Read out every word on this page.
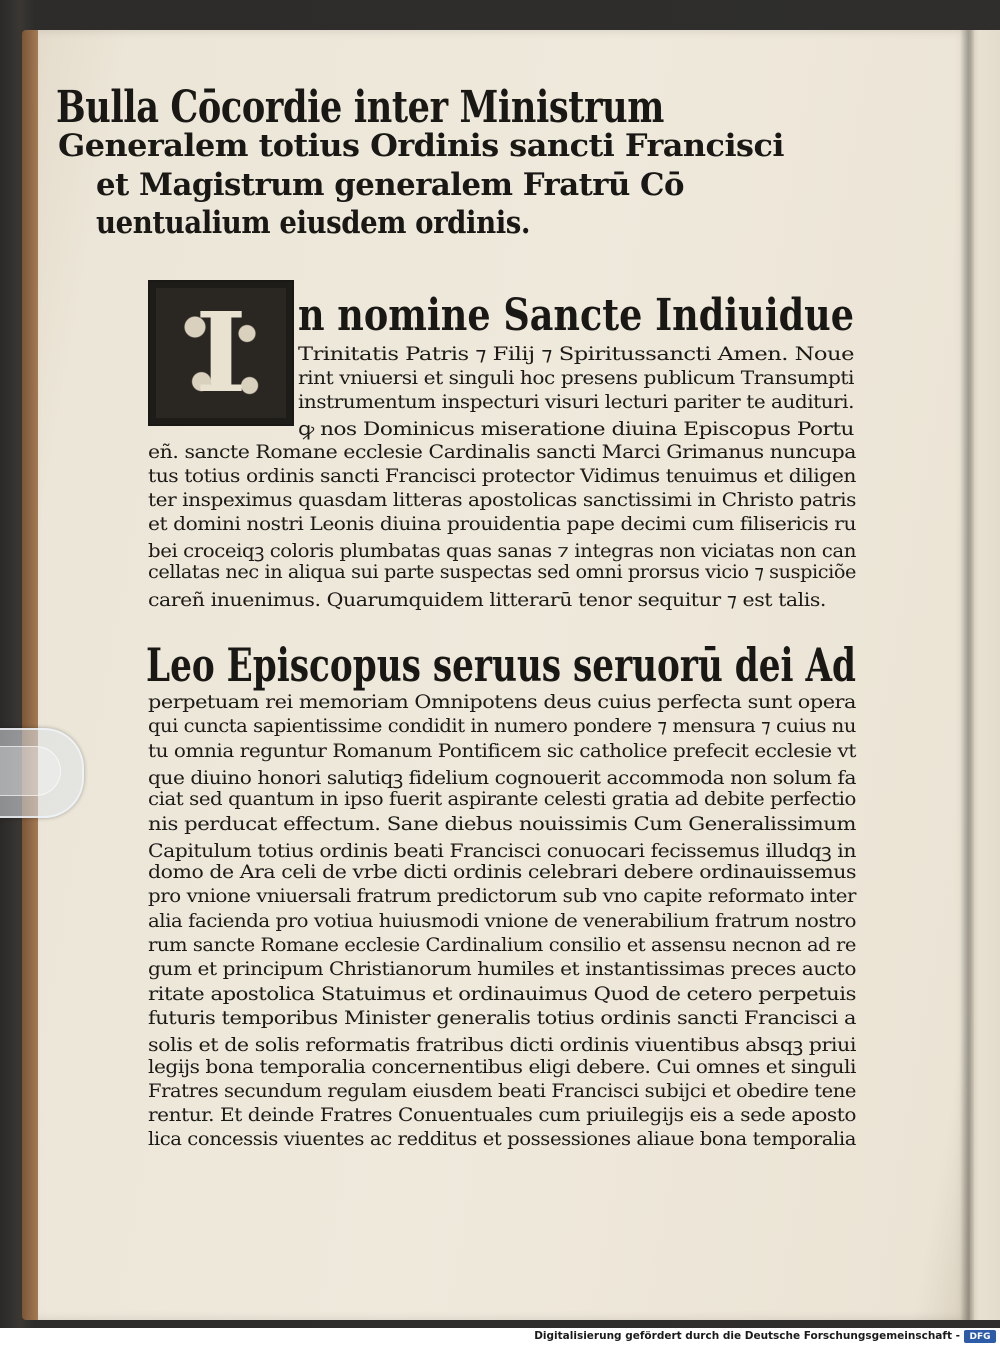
Bulla Cōcordie inter Ministrum
Generalem totius Ordinis sancti Francisci
et Magistrum generalem Fratrū Cō
uentualium eiusdem ordinis.
I	n nomine Sancte Indiuidue
Trinitatis Patris ⁊ Filij ⁊ Spiritussancti Amen. Noue
rint vniuersi et singuli hoc presens publicum Transumpti
instrumentum inspecturi visuri lecturi pariter te audituri.
ꝙ nos Dominicus miseratione diuina Episcopus Portu
eñ. sancte Romane ecclesie Cardinalis sancti Marci Grimanus nuncupa
tus totius ordinis sancti Francisci protector Vidimus tenuimus et diligen
ter inspeximus quasdam litteras apostolicas sanctissimi in Christo patris
et domini nostri Leonis diuina prouidentia pape decimi cum filisericis ru
bei croceiqꝫ coloris plumbatas quas sanas ⁊ integras non viciatas non can
cellatas nec in aliqua sui parte suspectas sed omni prorsus vicio ⁊ suspiciõe
careñ inuenimus. Quarumquidem litterarū tenor sequitur ⁊ est talis.
Leo Episcopus seruus seruorū dei Ad
perpetuam rei memoriam Omnipotens deus cuius perfecta sunt opera
qui cuncta sapientissime condidit in numero pondere ⁊ mensura ⁊ cuius nu
tu omnia reguntur Romanum Pontificem sic catholice prefecit ecclesie vt
que diuino honori salutiqꝫ fidelium cognouerit accommoda non solum fa
ciat sed quantum in ipso fuerit aspirante celesti gratia ad debite perfectio
nis perducat effectum. Sane diebus nouissimis Cum Generalissimum
Capitulum totius ordinis beati Francisci conuocari fecissemus illudqꝫ in
domo de Ara celi de vrbe dicti ordinis celebrari debere ordinauissemus
pro vnione vniuersali fratrum predictorum sub vno capite reformato inter
alia facienda pro votiua huiusmodi vnione de venerabilium fratrum nostro
rum sancte Romane ecclesie Cardinalium consilio et assensu necnon ad re
gum et principum Christianorum humiles et instantissimas preces aucto
ritate apostolica Statuimus et ordinauimus Quod de cetero perpetuis
futuris temporibus Minister generalis totius ordinis sancti Francisci a
solis et de solis reformatis fratribus dicti ordinis viuentibus absqꝫ priui
legijs bona temporalia concernentibus eligi debere. Cui omnes et singuli
Fratres secundum regulam eiusdem beati Francisci subijci et obedire tene
rentur. Et deinde Fratres Conuentuales cum priuilegijs eis a sede aposto
lica concessis viuentes ac redditus et possessiones aliaue bona temporalia
Digitalisierung gefördert durch die Deutsche Forschungsgemeinschaft -	DFG
